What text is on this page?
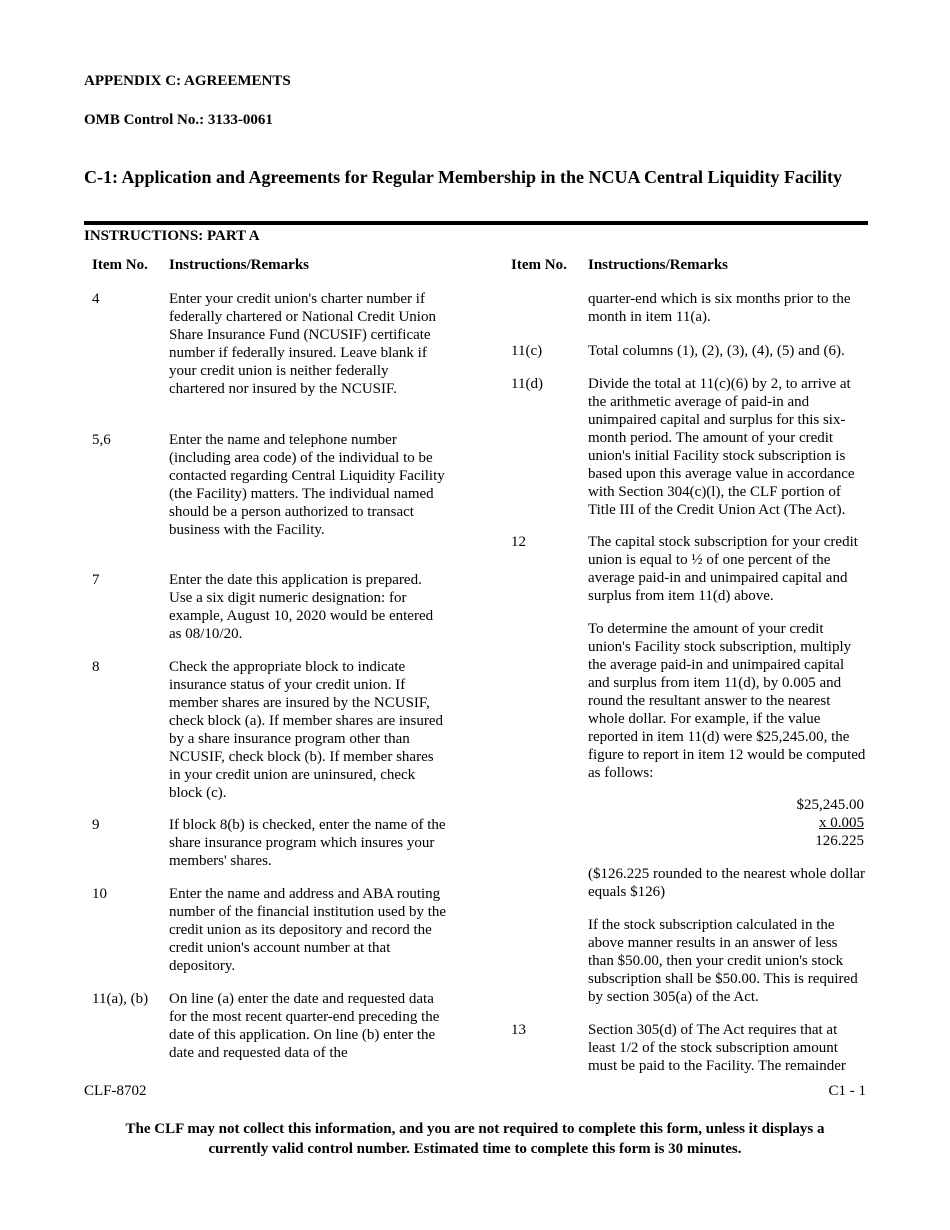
APPENDIX C: AGREEMENTS
OMB Control No.: 3133-0061
C-1: Application and Agreements for Regular Membership in the NCUA Central Liquidity Facility
INSTRUCTIONS: PART A
Item No. Instructions/Remarks	Item No. Instructions/Remarks
4	Enter your credit union's charter number if federally chartered or National Credit Union Share Insurance Fund (NCUSIF) certificate number if federally insured. Leave blank if your credit union is neither federally chartered nor insured by the NCUSIF.
5,6	Enter the name and telephone number (including area code) of the individual to be contacted regarding Central Liquidity Facility (the Facility) matters. The individual named should be a person authorized to transact business with the Facility.
7	Enter the date this application is prepared. Use a six digit numeric designation: for example, August 10, 2020 would be entered as 08/10/20.
8	Check the appropriate block to indicate insurance status of your credit union. If member shares are insured by the NCUSIF, check block (a). If member shares are insured by a share insurance program other than NCUSIF, check block (b). If member shares in your credit union are uninsured, check block (c).
9	If block 8(b) is checked, enter the name of the share insurance program which insures your members' shares.
10	Enter the name and address and ABA routing number of the financial institution used by the credit union as its depository and record the credit union's account number at that depository.
11(a), (b) On line (a) enter the date and requested data for the most recent quarter-end preceding the date of this application. On line (b) enter the date and requested data of the
quarter-end which is six months prior to the month in item 11(a).
11(c)	Total columns (1), (2), (3), (4), (5) and (6).
11(d)	Divide the total at 11(c)(6) by 2, to arrive at the arithmetic average of paid-in and unimpaired capital and surplus for this six-month period. The amount of your credit union's initial Facility stock subscription is based upon this average value in accordance with Section 304(c)(l), the CLF portion of Title III of the Credit Union Act (The Act).
12	The capital stock subscription for your credit union is equal to ½ of one percent of the average paid-in and unimpaired capital and surplus from item 11(d) above.
To determine the amount of your credit union's Facility stock subscription, multiply the average paid-in and unimpaired capital and surplus from item 11(d), by 0.005 and round the resultant answer to the nearest whole dollar. For example, if the value reported in item 11(d) were $25,245.00, the figure to report in item 12 would be computed as follows:
$25,245.00
x 0.005
126.225
($126.225 rounded to the nearest whole dollar equals $126)
If the stock subscription calculated in the above manner results in an answer of less than $50.00, then your credit union's stock subscription shall be $50.00. This is required by section 305(a) of the Act.
13	Section 305(d) of The Act requires that at least 1/2 of the stock subscription amount must be paid to the Facility. The remainder
CLF-8702	C1 - 1
The CLF may not collect this information, and you are not required to complete this form, unless it displays a currently valid control number. Estimated time to complete this form is 30 minutes.
